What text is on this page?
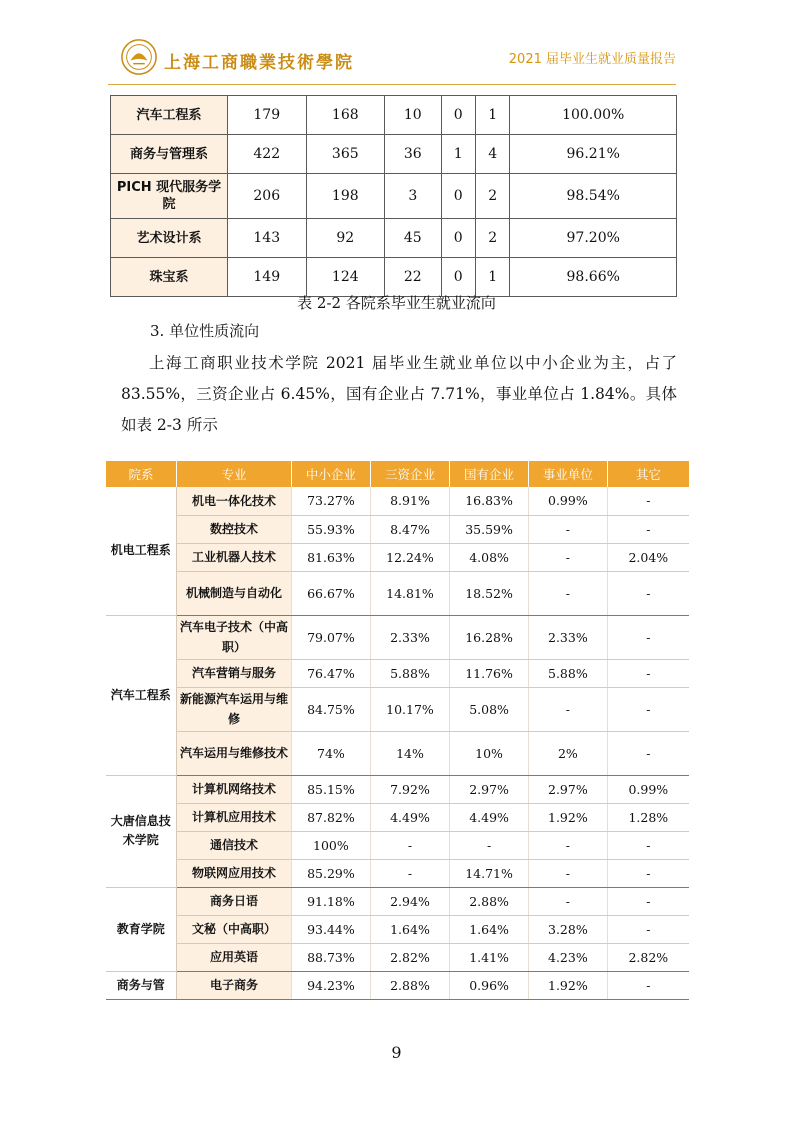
上海工商職業技術學院	2021 届毕业生就业质量报告
汽车工程系	179	168	10	0	1	100.00%
商务与管理系	422	365	36	1	4	96.21%
PICH 现代服务学院	206	198	3	0	2	98.54%
艺术设计系	143	92	45	0	2	97.20%
珠宝系	149	124	22	0	1	98.66%
表 2-2 各院系毕业生就业流向
3. 单位性质流向
上海工商职业技术学院 2021 届毕业生就业单位以中小企业为主，占了 83.55%，三资企业占 6.45%，国有企业占 7.71%，事业单位占 1.84%。具体如表 2-3 所示
院系	专业	中小企业	三资企业	国有企业	事业单位	其它
机电工程系	机电一体化技术	73.27%	8.91%	16.83%	0.99%	-
	数控技术	55.93%	8.47%	35.59%	-	-
	工业机器人技术	81.63%	12.24%	4.08%	-	2.04%
	机械制造与自动化	66.67%	14.81%	18.52%	-	-
汽车工程系	汽车电子技术（中高职）	79.07%	2.33%	16.28%	2.33%	-
	汽车营销与服务	76.47%	5.88%	11.76%	5.88%	-
	新能源汽车运用与维修	84.75%	10.17%	5.08%	-	-
	汽车运用与维修技术	74%	14%	10%	2%	-
大唐信息技术学院	计算机网络技术	85.15%	7.92%	2.97%	2.97%	0.99%
	计算机应用技术	87.82%	4.49%	4.49%	1.92%	1.28%
	通信技术	100%	-	-	-	-
	物联网应用技术	85.29%	-	14.71%	-	-
教育学院	商务日语	91.18%	2.94%	2.88%	-	-
	文秘（中高职）	93.44%	1.64%	1.64%	3.28%	-
	应用英语	88.73%	2.82%	1.41%	4.23%	2.82%
商务与管	电子商务	94.23%	2.88%	0.96%	1.92%	-
9
